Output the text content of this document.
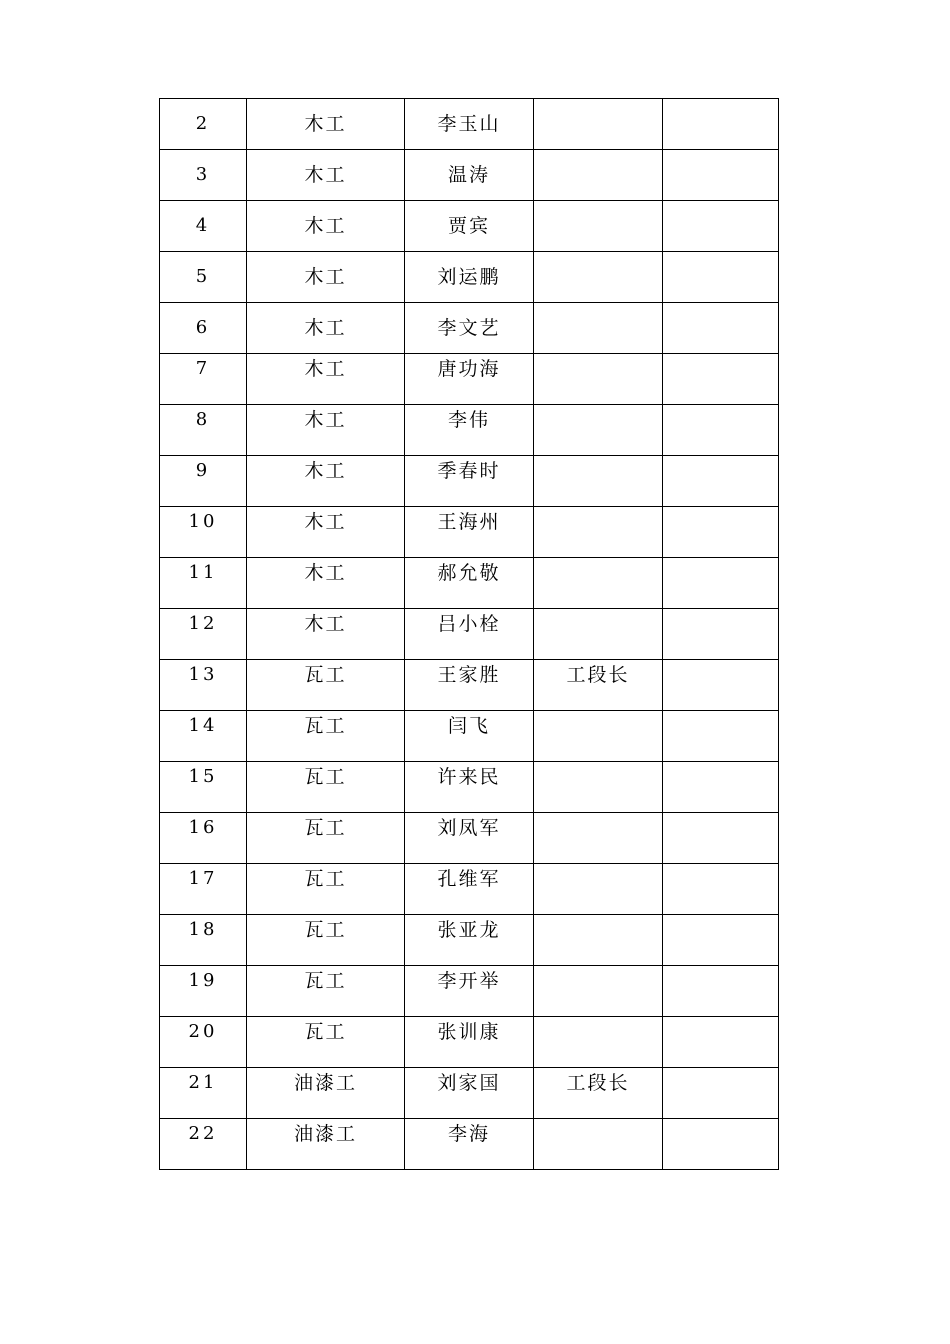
2	木工	李玉山		

3	木工	温涛		

4	木工	贾宾		

5	木工	刘运鹏		

6	木工	李文艺		

7	木工	唐功海		

8	木工	李伟		

9	木工	季春时		

10	木工	王海州		

11	木工	郝允敬		

12	木工	吕小栓		

13	瓦工	王家胜	工段长	

14	瓦工	闫飞		

15	瓦工	许来民		

16	瓦工	刘凤军		

17	瓦工	孔维军		

18	瓦工	张亚龙		

19	瓦工	李开举		

20	瓦工	张训康		

21	油漆工	刘家国	工段长	

22	油漆工	李海		
